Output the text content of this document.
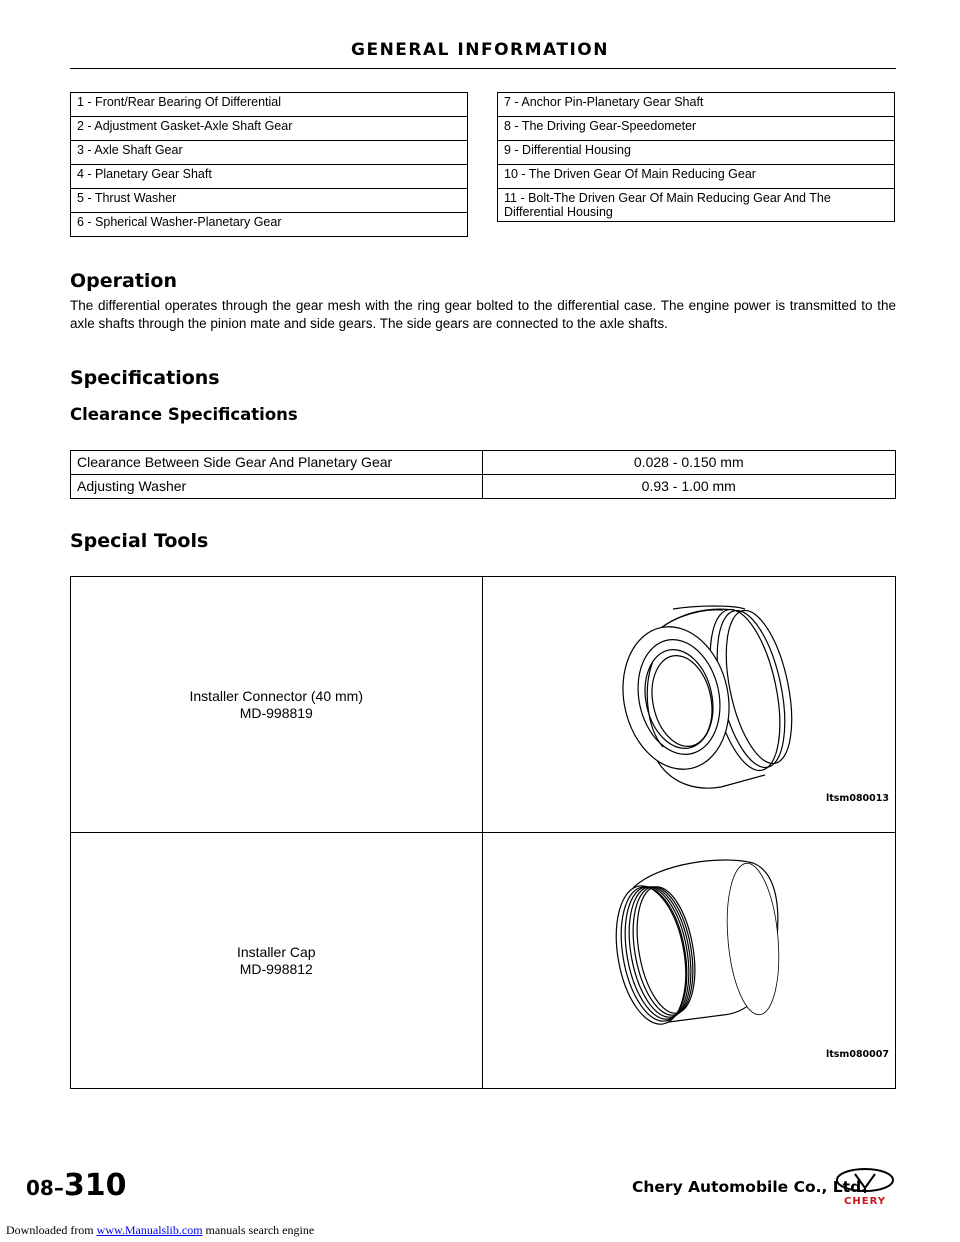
GENERAL INFORMATION
1 - Front/Rear Bearing Of Differential
2 - Adjustment Gasket-Axle Shaft Gear
3 - Axle Shaft Gear
4 - Planetary Gear Shaft
5 - Thrust Washer
6 - Spherical Washer-Planetary Gear
7 - Anchor Pin-Planetary Gear Shaft
8 - The Driving Gear-Speedometer
9 - Differential Housing
10 - The Driven Gear Of Main Reducing Gear
11 - Bolt-The Driven Gear Of Main Reducing Gear And The Differential Housing
Operation

The differential operates through the gear mesh with the ring gear bolted to the differential case. The engine power is transmitted to the axle shafts through the pinion mate and side gears. The side gears are connected to the axle shafts.

Specifications
Clearance Specifications
Clearance Between Side Gear And Planetary Gear	0.028 - 0.150 mm
Adjusting Washer	0.93 - 1.00 mm
Special Tools
Installer Connector (40 mm)
MD-998819	ltsm080013

Installer Cap
MD-998812	ltsm080007
08–310	Chery Automobile Co., Ltd.
CHERY
Downloaded from www.Manualslib.com manuals search engine
